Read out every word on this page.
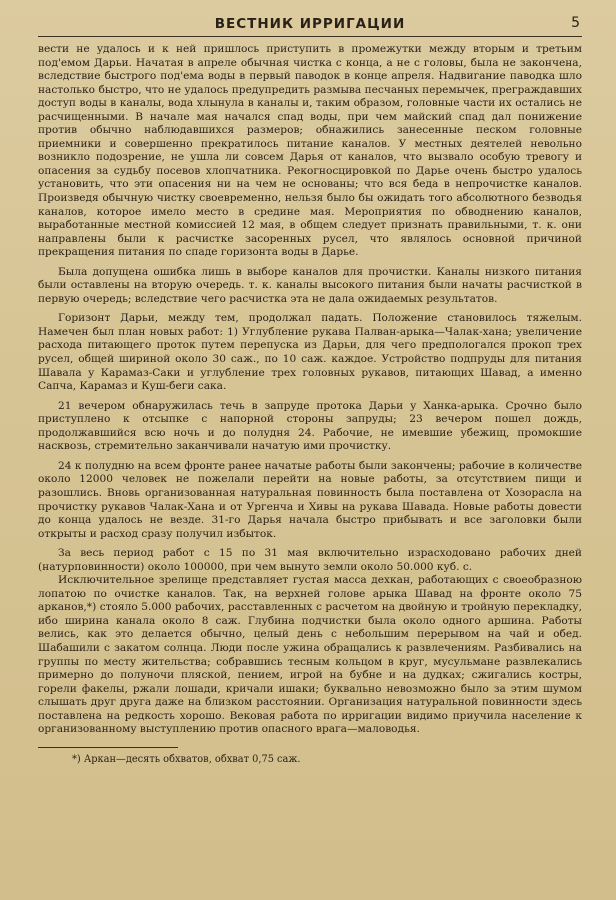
ВЕСТНИК ИРРИГАЦИИ	5

вести не удалось и к ней пришлось приступить в промежутки между вторым и третьим под'емом Дарьи. Начатая в апреле обычная чистка с конца, а не с головы, была не закончена, вследствие быстрого под'ема воды в первый паводок в конце апреля. Надвигание паводка шло настолько быстро, что не удалось предупредить размыва песчаных перемычек, преграждавших доступ воды в каналы, вода хлынула в каналы и, таким образом, головные части их остались не расчищенными. В начале мая начался спад воды, при чем майский спад дал понижение против обычно наблюдавшихся размеров; обнажились занесенные песком головные приемники и совершенно прекратилось питание каналов. У местных деятелей невольно возникло подозрение, не ушла ли совсем Дарья от каналов, что вызвало особую тревогу и опасения за судьбу посевов хлопчатника. Рекогносцировкой по Дарье очень быстро удалось установить, что эти опасения ни на чем не основаны; что вся беда в непрочистке каналов. Произведя обычную чистку своевременно, нельзя было бы ожидать того абсолютного безводья каналов, которое имело место в средине мая. Мероприятия по обводнению каналов, выработанные местной комиссией 12 мая, в общем следует признать правильными, т. к. они направлены были к расчистке засоренных русел, что являлось основной причиной прекращения питания по спаде горизонта воды в Дарье.

Была допущена ошибка лишь в выборе каналов для прочистки. Каналы низкого питания были оставлены на вторую очередь. т. к. каналы высокого питания были начаты расчисткой в первую очередь; вследствие чего расчистка эта не дала ожидаемых результатов.

Горизонт Дарьи, между тем, продолжал падать. Положение становилось тяжелым. Намечен был план новых работ: 1) Углубление рукава Палван-арыка—Чалак-хана; увеличение расхода питающего проток путем перепуска из Дарьи, для чего предпологался прокоп трех русел, общей шириной около 30 саж., по 10 саж. каждое. Устройство подпруды для питания Шавала у Карамаз-Саки и углубление трех головных рукавов, питающих Шавад, а именно Сапча, Карамаз и Куш-беги сака.

21 вечером обнаружилась течь в запруде протока Дарьи у Ханка-арыка. Срочно было приступлено к отсыпке с напорной стороны запруды; 23 вечером пошел дождь, продолжавшийся всю ночь и до полудня 24. Рабочие, не имевшие убежищ, промокшие насквозь, стремительно заканчивали начатую ими прочистку.

24 к полудню на всем фронте ранее начатые работы были закончены; рабочие в количестве около 12000 человек не пожелали перейти на новые работы, за отсутствием пищи и разошлись. Вновь организованная натуральная повинность была поставлена от Хозорасла на прочистку рукавов Чалак-Хана и от Ургенча и Хивы на рукава Шавада. Новые работы довести до конца удалось не везде. 31-го Дарья начала быстро прибывать и все заголовки были открыты и расход сразу получил избыток.

За весь период работ с 15 по 31 мая включительно израсходовано рабочих дней (натурповинности) около 100000, при чем вынуто земли около 50.000 куб. с.

Исключительное зрелище представляет густая масса дехкан, работающих с своеобразною лопатою по очистке каналов. Так, на верхней голове арыка Шавад на фронте около 75 арканов,*) стояло 5.000 рабочих, расставленных с расчетом на двойную и тройную перекладку, ибо ширина канала около 8 саж. Глубина подчистки была около одного аршина. Работы велись, как это делается обычно, целый день с небольшим перерывом на чай и обед. Шабашили с закатом солнца. Люди после ужина обращались к развлечениям. Разбивались на группы по месту жительства; собравшись тесным кольцом в круг, мусульмане развлекались примерно до полуночи пляской, пением, игрой на бубне и на дудках; сжигались костры, горели факелы, ржали лошади, кричали ишаки; буквально невозможно было за этим шумом слышать друг друга даже на близком расстоянии. Организация натуральной повинности здесь поставлена на редкость хорошо. Вековая работа по ирригации видимо приучила население к организованному выступлению против опасного врага—маловодья.

*) Аркан—десять обхватов, обхват 0,75 саж.
